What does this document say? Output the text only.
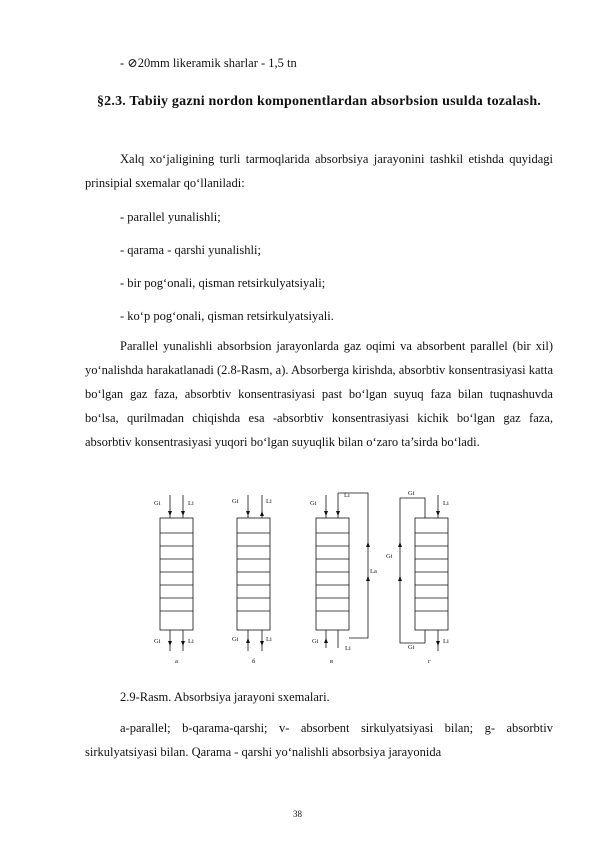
- ⊘20mm likeramik sharlar - 1,5 tn
§2.3. Tabiiy gazni nordon komponentlardan absorbsion usulda tozalash.
Xalq xo‘jaligining turli tarmoqlarida absorbsiya jarayonini tashkil etishda quyidagi prinsipial sxemalar qo‘llaniladi:
- parallel yunalishli;
- qarama - qarshi yunalishli;
- bir pog‘onali, qisman retsirkulyatsiyali;
- ko‘p pog‘onali, qisman retsirkulyatsiyali.
Parallel yunalishli absorbsion jarayonlarda gaz oqimi va absorbent parallel (bir xil) yo‘nalishda harakatlanadi (2.8-Rasm, a). Absorberga kirishda, absorbtiv konsentrasiyasi katta bo‘lgan gaz faza, absorbtiv konsentrasiyasi past bo‘lgan suyuq faza bilan tuqnashuvda bo‘lsa, qurilmadan chiqishda esa -absorbtiv konsentrasiyasi kichik bo‘lgan gaz faza, absorbtiv konsentrasiyasi yuqori bo‘lgan suyuqlik bilan o‘zaro ta’sirda bo‘ladi.
Gi	Li
Gi	Li
a
Gi	Li
Gi	Li
б
Gi
Li
Gi
Li
La
в
Gi
Li
Gi
Gi
Li
г
2.9-Rasm. Absorbsiya jarayoni sxemalari.
a-parallel; b-qarama-qarshi; v- absorbent sirkulyatsiyasi bilan; g- absorbtiv sirkulyatsiyasi bilan. Qarama - qarshi yo‘nalishli absorbsiya jarayonida
38
